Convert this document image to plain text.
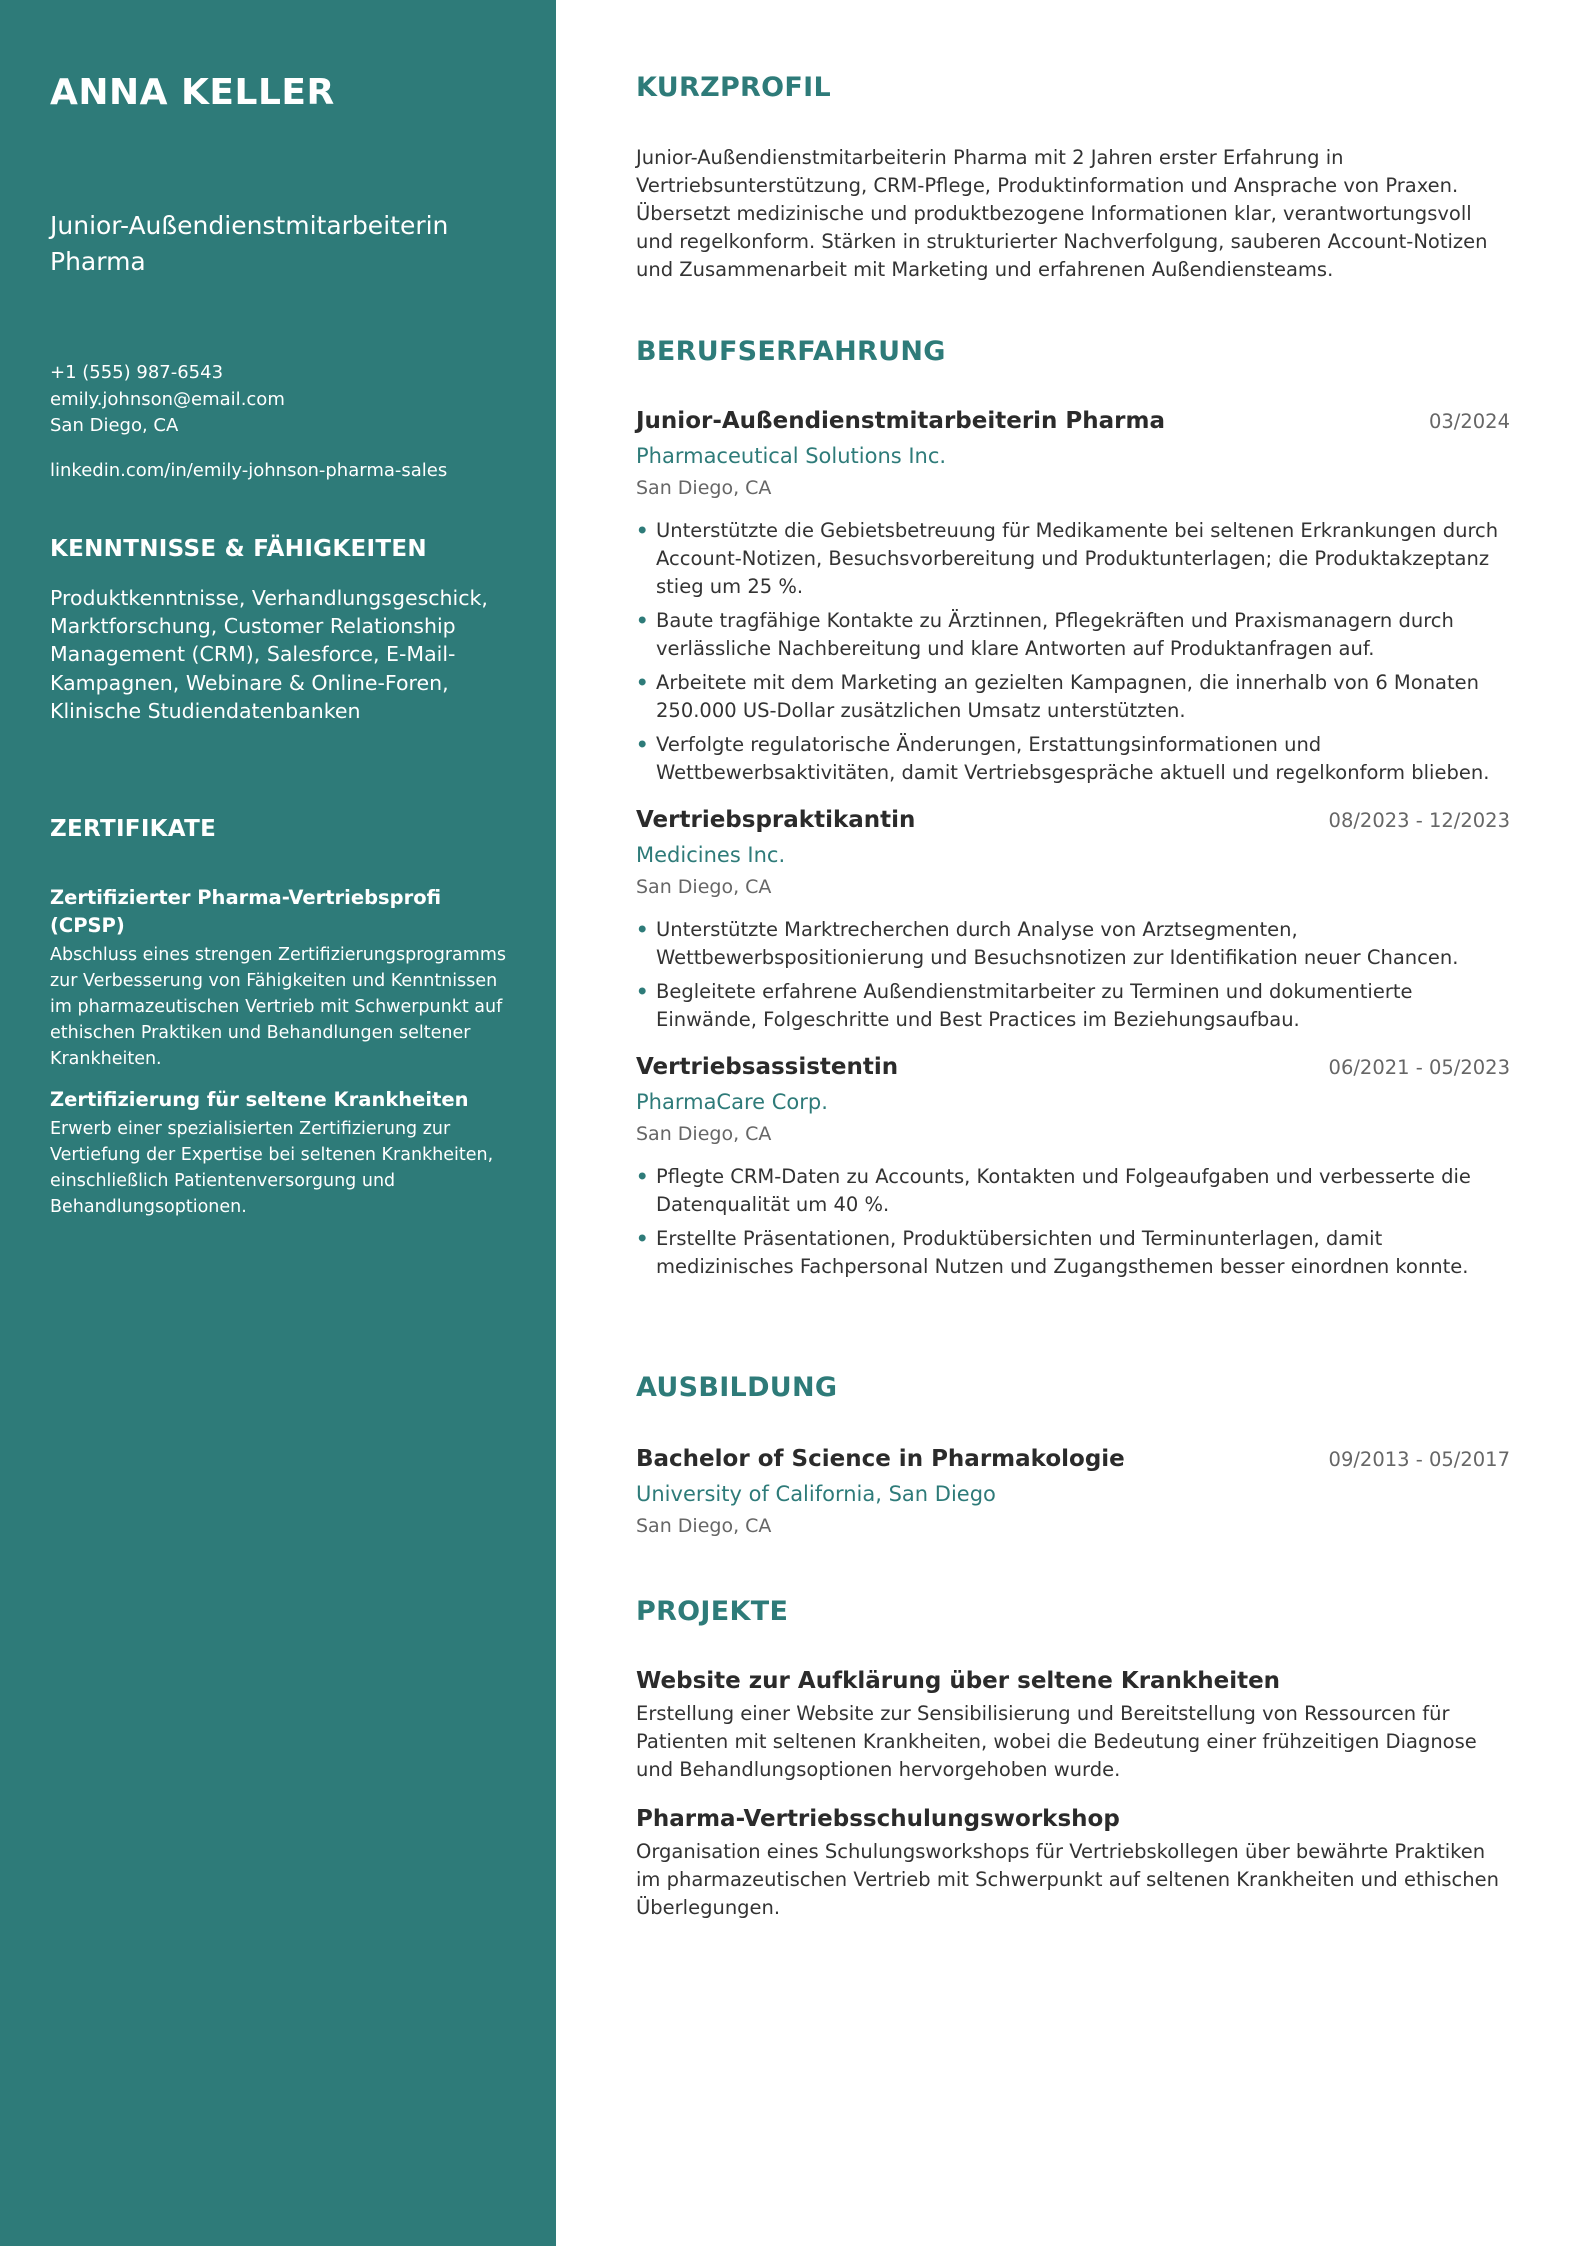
ANNA KELLER
Junior-Außendienstmitarbeiterin Pharma
+1 (555) 987-6543
emily.johnson@email.com
San Diego, CA
linkedin.com/in/emily-johnson-pharma-sales
KENNTNISSE & FÄHIGKEITEN

Produktkenntnisse, Verhandlungsgeschick, Marktforschung, Customer Relationship Management (CRM), Salesforce, E-Mail-Kampagnen, Webinare & Online-Foren, Klinische Studiendatenbanken

ZERTIFIKATE
Zertifizierter Pharma-Vertriebsprofi (CPSP)
Abschluss eines strengen Zertifizierungsprogramms zur Verbesserung von Fähigkeiten und Kenntnissen im pharmazeutischen Vertrieb mit Schwerpunkt auf ethischen Praktiken und Behandlungen seltener Krankheiten.
Zertifizierung für seltene Krankheiten
Erwerb einer spezialisierten Zertifizierung zur Vertiefung der Expertise bei seltenen Krankheiten, einschließlich Patientenversorgung und Behandlungsoptionen.
KURZPROFIL

Junior-Außendienstmitarbeiterin Pharma mit 2 Jahren erster Erfahrung in Vertriebsunterstützung, CRM-Pflege, Produktinformation und Ansprache von Praxen. Übersetzt medizinische und produktbezogene Informationen klar, verantwortungsvoll und regelkonform. Stärken in strukturierter Nachverfolgung, sauberen Account-Notizen und Zusammenarbeit mit Marketing und erfahrenen Außendiensteams.

BERUFSERFAHRUNG
Junior-Außendienstmitarbeiterin Pharma	03/2024
Pharmaceutical Solutions Inc.
San Diego, CA
• Unterstützte die Gebietsbetreuung für Medikamente bei seltenen Erkrankungen durch Account-Notizen, Besuchsvorbereitung und Produktunterlagen; die Produktakzeptanz stieg um 25 %.
• Baute tragfähige Kontakte zu Ärztinnen, Pflegekräften und Praxismanagern durch verlässliche Nachbereitung und klare Antworten auf Produktanfragen auf.
• Arbeitete mit dem Marketing an gezielten Kampagnen, die innerhalb von 6 Monaten 250.000 US-Dollar zusätzlichen Umsatz unterstützten.
• Verfolgte regulatorische Änderungen, Erstattungsinformationen und Wettbewerbsaktivitäten, damit Vertriebsgespräche aktuell und regelkonform blieben.
Vertriebspraktikantin	08/2023 - 12/2023
Medicines Inc.
San Diego, CA
• Unterstützte Marktrecherchen durch Analyse von Arztsegmenten, Wettbewerbspositionierung und Besuchsnotizen zur Identifikation neuer Chancen.
• Begleitete erfahrene Außendienstmitarbeiter zu Terminen und dokumentierte Einwände, Folgeschritte und Best Practices im Beziehungsaufbau.
Vertriebsassistentin	06/2021 - 05/2023
PharmaCare Corp.
San Diego, CA
• Pflegte CRM-Daten zu Accounts, Kontakten und Folgeaufgaben und verbesserte die Datenqualität um 40 %.
• Erstellte Präsentationen, Produktübersichten und Terminunterlagen, damit medizinisches Fachpersonal Nutzen und Zugangsthemen besser einordnen konnte.
AUSBILDUNG
Bachelor of Science in Pharmakologie	09/2013 - 05/2017
University of California, San Diego
San Diego, CA
PROJEKTE
Website zur Aufklärung über seltene Krankheiten

Erstellung einer Website zur Sensibilisierung und Bereitstellung von Ressourcen für Patienten mit seltenen Krankheiten, wobei die Bedeutung einer frühzeitigen Diagnose und Behandlungsoptionen hervorgehoben wurde.

Pharma-Vertriebsschulungsworkshop

Organisation eines Schulungsworkshops für Vertriebskollegen über bewährte Praktiken im pharmazeutischen Vertrieb mit Schwerpunkt auf seltenen Krankheiten und ethischen Überlegungen.
